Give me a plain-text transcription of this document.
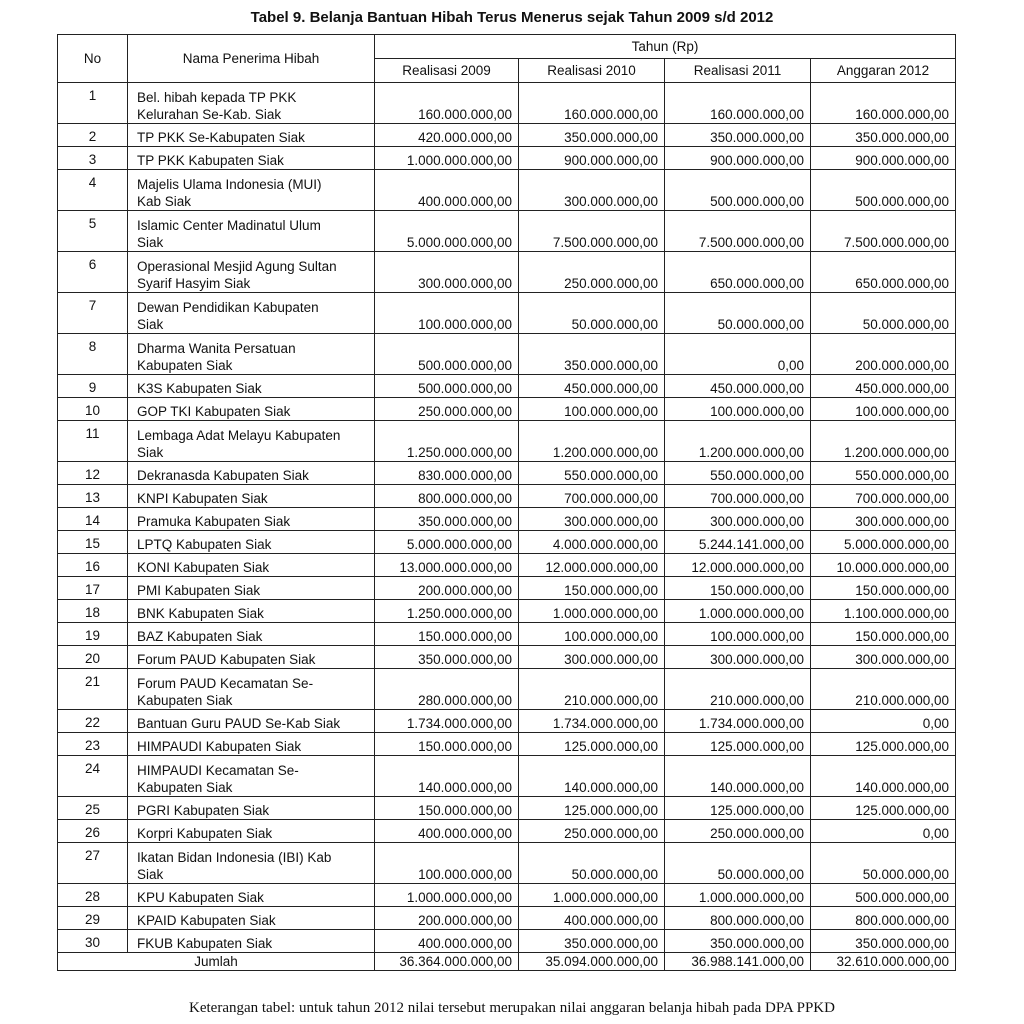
Tabel 9. Belanja Bantuan Hibah Terus Menerus sejak Tahun 2009 s/d 2012
No	Nama Penerima Hibah	Tahun (Rp)			
		Realisasi 2009	Realisasi 2010	Realisasi 2011	Anggaran 2012
1	Bel. hibah kepada TP PKK
Kelurahan Se-Kab. Siak	160.000.000,00	160.000.000,00	160.000.000,00	160.000.000,00
2	TP PKK Se-Kabupaten Siak	420.000.000,00	350.000.000,00	350.000.000,00	350.000.000,00
3	TP PKK Kabupaten Siak	1.000.000.000,00	900.000.000,00	900.000.000,00	900.000.000,00
4	Majelis Ulama Indonesia (MUI)
Kab Siak	400.000.000,00	300.000.000,00	500.000.000,00	500.000.000,00
5	Islamic Center Madinatul Ulum
Siak	5.000.000.000,00	7.500.000.000,00	7.500.000.000,00	7.500.000.000,00
6	Operasional Mesjid Agung Sultan
Syarif Hasyim Siak	300.000.000,00	250.000.000,00	650.000.000,00	650.000.000,00
7	Dewan Pendidikan Kabupaten
Siak	100.000.000,00	50.000.000,00	50.000.000,00	50.000.000,00
8	Dharma Wanita Persatuan
Kabupaten Siak	500.000.000,00	350.000.000,00	0,00	200.000.000,00
9	K3S Kabupaten Siak	500.000.000,00	450.000.000,00	450.000.000,00	450.000.000,00
10	GOP TKI Kabupaten Siak	250.000.000,00	100.000.000,00	100.000.000,00	100.000.000,00
11	Lembaga Adat Melayu Kabupaten
Siak	1.250.000.000,00	1.200.000.000,00	1.200.000.000,00	1.200.000.000,00
12	Dekranasda Kabupaten Siak	830.000.000,00	550.000.000,00	550.000.000,00	550.000.000,00
13	KNPI Kabupaten Siak	800.000.000,00	700.000.000,00	700.000.000,00	700.000.000,00
14	Pramuka Kabupaten Siak	350.000.000,00	300.000.000,00	300.000.000,00	300.000.000,00
15	LPTQ Kabupaten Siak	5.000.000.000,00	4.000.000.000,00	5.244.141.000,00	5.000.000.000,00
16	KONI Kabupaten Siak	13.000.000.000,00	12.000.000.000,00	12.000.000.000,00	10.000.000.000,00
17	PMI Kabupaten Siak	200.000.000,00	150.000.000,00	150.000.000,00	150.000.000,00
18	BNK Kabupaten Siak	1.250.000.000,00	1.000.000.000,00	1.000.000.000,00	1.100.000.000,00
19	BAZ Kabupaten Siak	150.000.000,00	100.000.000,00	100.000.000,00	150.000.000,00
20	Forum PAUD Kabupaten Siak	350.000.000,00	300.000.000,00	300.000.000,00	300.000.000,00
21	Forum PAUD Kecamatan Se-
Kabupaten Siak	280.000.000,00	210.000.000,00	210.000.000,00	210.000.000,00
22	Bantuan Guru PAUD Se-Kab Siak	1.734.000.000,00	1.734.000.000,00	1.734.000.000,00	0,00
23	HIMPAUDI Kabupaten Siak	150.000.000,00	125.000.000,00	125.000.000,00	125.000.000,00
24	HIMPAUDI Kecamatan Se-
Kabupaten Siak	140.000.000,00	140.000.000,00	140.000.000,00	140.000.000,00
25	PGRI Kabupaten Siak	150.000.000,00	125.000.000,00	125.000.000,00	125.000.000,00
26	Korpri Kabupaten Siak	400.000.000,00	250.000.000,00	250.000.000,00	0,00
27	Ikatan Bidan Indonesia (IBI) Kab
Siak	100.000.000,00	50.000.000,00	50.000.000,00	50.000.000,00
28	KPU Kabupaten Siak	1.000.000.000,00	1.000.000.000,00	1.000.000.000,00	500.000.000,00
29	KPAID Kabupaten Siak	200.000.000,00	400.000.000,00	800.000.000,00	800.000.000,00
30	FKUB Kabupaten Siak	400.000.000,00	350.000.000,00	350.000.000,00	350.000.000,00
Jumlah		36.364.000.000,00	35.094.000.000,00	36.988.141.000,00	32.610.000.000,00
Keterangan tabel: untuk tahun 2012 nilai tersebut merupakan nilai anggaran belanja hibah pada DPA PPKD
